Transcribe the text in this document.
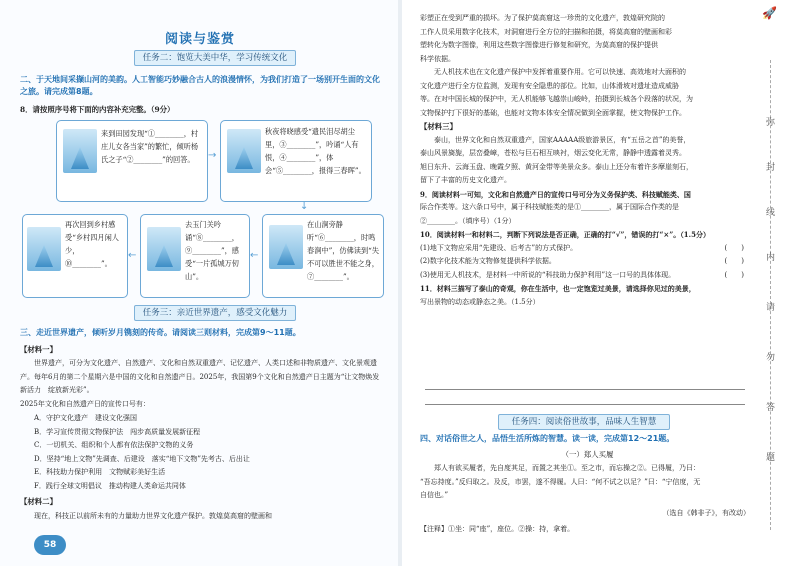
阅读与鉴赏
任务二：饱览大美中华，学习传统文化
二、于天地间采撷山河的美韵。人工智能巧妙融合古人的浪漫情怀，为我们打造了一场别开生面的文化之旅。请完成第8题。
8．请按照序号将下面的内容补充完整。（9分）
来到田园发现“①________，村庄儿女各当家”的繁忙，倾听杨氏之子“②________”的回答。	→
秋夜将晓感受“遗民泪尽胡尘里，③________”，吟诵“人有恨，④________”，体会“⑤________，报得三春晖”。
↓
在山涧旁静听“⑥________，时鸣春涧中”，仿佛读到“失不可以胜世不能之身，⑦________”。
←
去玉门关吟诵“⑧________，⑨________”，感受“一片孤城万仞山”。
←
再次回到乡村感受“乡村四月闲人少，⑩________”。
任务三：亲近世界遗产，感受文化魅力
三、走近世界遗产，倾听岁月镌刻的传奇。请阅读三则材料，完成第9～11题。
【材料一】
世界遗产，可分为文化遗产、自然遗产、文化和自然双重遗产、记忆遗产、人类口述和非物质遗产、文化景观遗产。每年6月的第二个星期六是中国的文化和自然遗产日。2025年，我国第9个文化和自然遗产日主题为“让文物焕发新活力　绽放新光彩”。
2025年文化和自然遗产日的宣传口号有：
A．守护文化遗产　建设文化强国
B．学习宣传贯彻文物保护法　闯步高质量发展新征程
C．一切机关、组织和个人都有依法保护文物的义务
D．坚持“地上文物”先调查、后建设　落实“地下文物”先考古、后出让
E．科技助力保护利用　文物赋彩美好生活
F．践行全球文明倡议　推动构建人类命运共同体
【材料二】
现在，科技正以前所未有的力量助力世界文化遗产保护。敦煌莫高窟的壁画和
58
彩塑正在受到严重的损坏。为了保护莫高窟这一珍贵的文化遗产，敦煌研究院的
工作人员采用数字化技术，对洞窟进行全方位的扫描和拍摄，将莫高窟的壁画和彩
塑转化为数字图像，利用这些数字图像进行修复和研究，为莫高窟的保护提供
科学依据。
无人机技术也在文化遗产保护中发挥着重要作用。它可以快速、高效地对大面积的
文化遗产进行全方位监测，发现有安全隐患的部位。比如，山体滑坡对遗址造成威胁
等。在对中国长城的保护中，无人机能够飞越崇山峻岭，拍摄到长城各个段落的状况，为
文物保护打下很好的基础，也能对文物本体安全情况做到全面掌握，使文物保护工作。
【材料三】
泰山，世界文化和自然双重遗产，国家AAAAA级旅游景区，有“五岳之首”的美誉，
泰山风景旖旎，层峦叠嶂，苍松与巨石相互映衬，烟云变化无常，静静中透露着灵秀。
旭日东升、云海玉盘、晚霞夕照、黄河金带等美景众多。泰山上还分布着许多摩崖刻石，
留下了丰富的历史文化遗产。
9．阅读材料一可知，文化和自然遗产日的宣传口号可分为义务保护类、科技赋能类、国
际合作类等。这六条口号中，属于科技赋能类的是①________，属于国际合作类的是
②________。（填序号）（1分）
10．阅读材料一和材料二，判断下列说法是否正确，正确的打“√”，错误的打“×”。（1.5分）
(1)地下文物应采用“先建设、后考古”的方式保护。	(　　)
(2)数字化技术能为文物修复提供科学依据。	(　　)
(3)使用无人机技术，是材料一中所说的“科技助力保护利用”这一口号的具体体现。	(　　)
11．材料三描写了泰山的奇观，你在生活中，也一定饱览过美景，请选择你见过的美景，
写出景物的动态或静态之美。（1.5分）
任务四：阅读俗世故事，品味人生智慧
四、对话俗世之人，品悟生活所炼的智慧。读一读，完成第12～21题。
（一）郑人买履
郑人有欲买履者，先自度其足，而置之其坐①。至之市，而忘操之②。已得履，乃曰：
“吾忘持度。”反归取之。及反，市罢，遂不得履。人曰：“何不试之以足？”曰：“宁信度，无
自信也。”
（选自《韩非子》，有改动）
【注释】①坐：同“座”，座位。②操：持，拿着。
🚀
弥
封
线
内
请
勿
答
题
